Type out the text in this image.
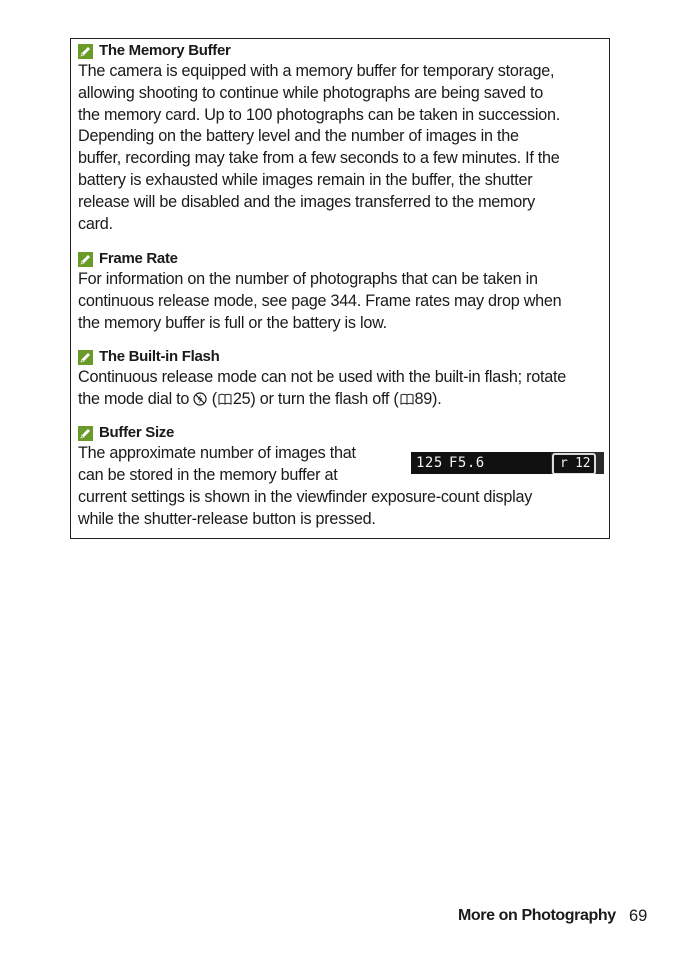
The Memory Buffer

The camera is equipped with a memory buffer for temporary storage,
allowing shooting to continue while photographs are being saved to
the memory card. Up to 100 photographs can be taken in succession.
Depending on the battery level and the number of images in the
buffer, recording may take from a few seconds to a few minutes. If the
battery is exhausted while images remain in the buffer, the shutter
release will be disabled and the images transferred to the memory
card.

Frame Rate

For information on the number of photographs that can be taken in
continuous release mode, see page 344. Frame rates may drop when
the memory buffer is full or the battery is low.

The Built-in Flash

Continuous release mode can not be used with the built-in flash; rotate
the mode dial to ( 25) or turn the flash off ( 89).

Buffer Size
The approximate number of images that
can be stored in the memory buffer at
125 F5.6	r 12

current settings is shown in the viewfinder exposure-count display
while the shutter-release button is pressed.

More on Photography 69
